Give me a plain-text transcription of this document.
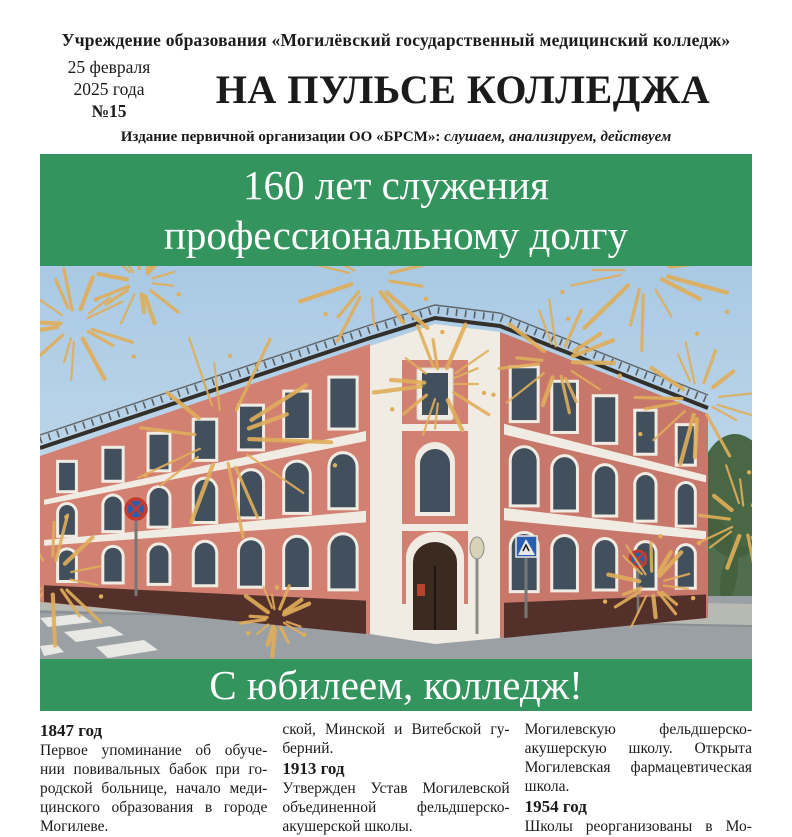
Учреждение образования «Могилёвский государственный медицинский колледж»
25 февраля
2025 года
№15	НА ПУЛЬСЕ КОЛЛЕДЖА
Издание первичной организации ОО «БРСМ»: слушаем, анализируем, действуем
160 лет служения
профессиональному долгу
С юбилеем, колледж!
1847 год
Первое упоминание об обуче-
нии повивальных бабок при го-
родской больнице, начало меди-
цинского образования в городе
Могилеве.
ской, Минской и Витебской гу-
берний.
1913 год
Утвержден Устав Могилевской
объединенной фельдшерско-
акушерской школы.
Могилевскую фельдшерско-
акушерскую школу. Открыта
Могилевская фармацевтическая
школа.
1954 год
Школы реорганизованы в Мо-
